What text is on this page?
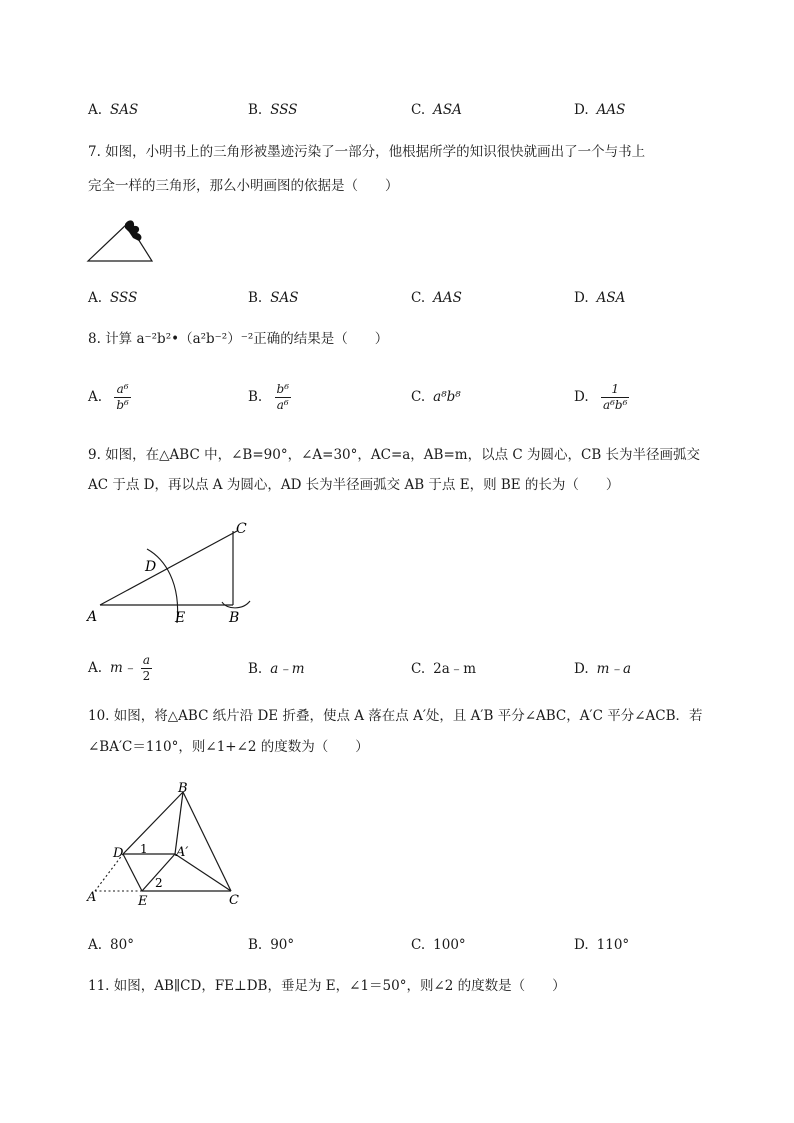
A. SAS	B. SSS	C. ASA	D. AAS
7. 如图，小明书上的三角形被墨迹污染了一部分，他根据所学的知识很快就画出了一个与书上
完全一样的三角形，那么小明画图的依据是（　　）
A. SSS	B. SAS	C. AAS	D. ASA
8. 计算 a⁻²b²•（a²b⁻²）⁻²正确的结果是（　　）
A. $\frac{\text{a⁶}}{\text{b⁶}}$	B. $\frac{\text{b⁶}}{\text{a⁶}}$	C. a⁸b⁸	D. $\frac{1}{\text{a⁶b⁶}}$
9. 如图，在△ABC 中，∠B=90°，∠A=30°，AC=a，AB=m，以点 C 为圆心，CB 长为半径画弧交
AC 于点 D，再以点 A 为圆心，AD 长为半径画弧交 AB 于点 E，则 BE 的长为（　　）
A	B
C
D
E
A. m﹣ $\frac{a}{2}$	B. a﹣m	C. 2a﹣m	D. m﹣a
10. 如图，将△ABC 纸片沿 DE 折叠，使点 A 落在点 A′处，且 A′B 平分∠ABC，A′C 平分∠ACB．若
∠BA′C＝110°，则∠1+∠2 的度数为（　　）
B
D	A′
A	E	C
1
2
A. 80°	B. 90°	C. 100°	D. 110°
11. 如图，AB∥CD，FE⊥DB，垂足为 E，∠1＝50°，则∠2 的度数是（　　）
